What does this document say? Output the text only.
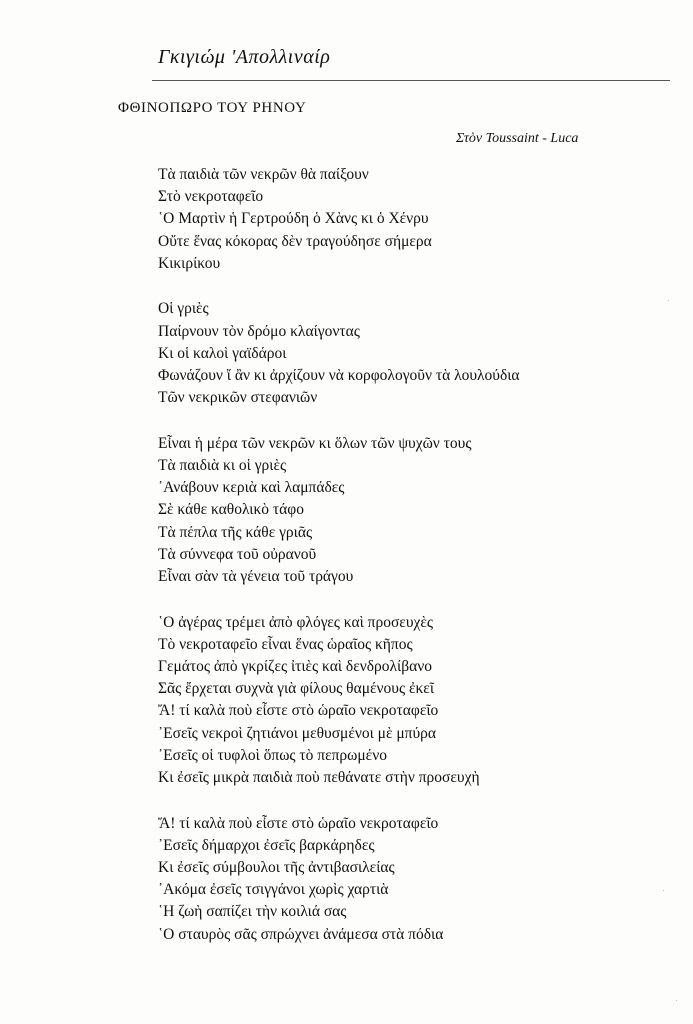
Γκιγιώμ 'Απολλιναίρ
ΦΘΙΝΟΠΩΡΟ ΤΟΥ ΡΗΝΟΥ
Στὸν Toussaint - Luca
Τὰ παιδιὰ τῶν νεκρῶν θὰ παίξουν
Στὸ νεκροταφεῖο
῾Ο Μαρτὶν ἡ Γερτρούδη ὁ Χὰνς κι ὁ Χένρυ
Οὔτε ἕνας κόκορας δὲν τραγούδησε σήμερα
Κικιρίκου
Οἱ γριὲς
Παίρνουν τὸν δρόμο κλαίγοντας
Κι οἱ καλοὶ γαϊδάροι
Φωνάζουν ἴ ἂν κι ἀρχίζουν νὰ κορφολογοῦν τὰ λουλούδια
Τῶν νεκρικῶν στεφανιῶν
Εἶναι ἡ μέρα τῶν νεκρῶν κι ὅλων τῶν ψυχῶν τους
Τὰ παιδιὰ κι οἱ γριὲς
᾿Ανάβουν κεριὰ καὶ λαμπάδες
Σὲ κάθε καθολικὸ τάφο
Τὰ πέπλα τῆς κάθε γριᾶς
Τὰ σύννεφα τοῦ οὐρανοῦ
Εἶναι σὰν τὰ γένεια τοῦ τράγου
῾Ο ἀγέρας τρέμει ἀπὸ φλόγες καὶ προσευχὲς
Τὸ νεκροταφεῖο εἶναι ἕνας ὡραῖος κῆπος
Γεμάτος ἀπὸ γκρίζες ἰτιὲς καὶ δενδρολίβανο
Σᾶς ἔρχεται συχνὰ γιὰ φίλους θαμένους ἐκεῖ
Ἄ! τί καλὰ ποὺ εἶστε στὸ ὡραῖο νεκροταφεῖο
᾿Εσεῖς νεκροὶ ζητιάνοι μεθυσμένοι μὲ μπύρα
᾿Εσεῖς οἱ τυφλοὶ ὅπως τὸ πεπρωμένο
Κι ἐσεῖς μικρὰ παιδιὰ ποὺ πεθάνατε στὴν προσευχὴ
Ἄ! τί καλὰ ποὺ εἶστε στὸ ὡραῖο νεκροταφεῖο
᾿Εσεῖς δήμαρχοι ἐσεῖς βαρκάρηδες
Κι ἐσεῖς σύμβουλοι τῆς ἀντιβασιλείας
᾿Ακόμα ἐσεῖς τσιγγάνοι χωρὶς χαρτιὰ
῾Η ζωὴ σαπίζει τὴν κοιλιά σας
῾Ο σταυρὸς σᾶς σπρώχνει ἀνάμεσα στὰ πόδια
